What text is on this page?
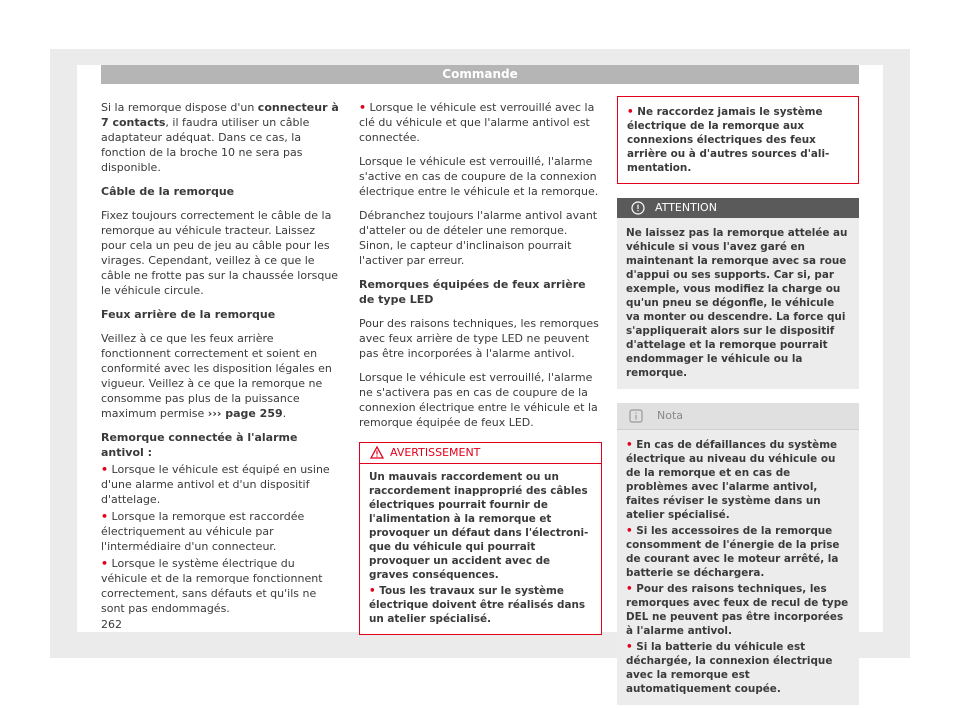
Commande

Si la remorque dispose d'un connecteur à 7 contacts, il faudra utiliser un câble adaptateur adéquat. Dans ce cas, la fonction de la broche 10 ne sera pas disponible.

Câble de la remorque

Fixez toujours correctement le câble de la remorque au véhicule tracteur. Laissez pour cela un peu de jeu au câble pour les virages. Cependant, veillez à ce que le câble ne frotte pas sur la chaussée lorsque le véhicule circule.

Feux arrière de la remorque

Veillez à ce que les feux arrière fonctionnent correctement et soient en conformité avec les disposition légales en vigueur. Veillez à ce que la remorque ne consomme pas plus de la puissance maximum permise ››› page 259.

Remorque connectée à l'alarme antivol :

• Lorsque le véhicule est équipé en usine d'une alarme antivol et d'un dispositif d'attelage.

• Lorsque la remorque est raccordée électriquement au véhicule par l'intermédiaire d'un connecteur.

• Lorsque le système électrique du véhicule et de la remorque fonctionnent correctement, sans défauts et qu'ils ne sont pas endommagés.

• Lorsque le véhicule est verrouillé avec la clé du véhicule et que l'alarme antivol est connectée.

Lorsque le véhicule est verrouillé, l'alarme s'active en cas de coupure de la connexion électrique entre le véhicule et la remorque.

Débranchez toujours l'alarme antivol avant d'atteler ou de dételer une remorque. Sinon, le capteur d'inclinaison pourrait l'activer par erreur.

Remorques équipées de feux arrière de type LED

Pour des raisons techniques, les remorques avec feux arrière de type LED ne peuvent pas être incorporées à l'alarme antivol.

Lorsque le véhicule est verrouillé, l'alarme ne s'activera pas en cas de coupure de la connexion électrique entre le véhicule et la remorque équipée de feux LED.

AVERTISSEMENT
Un mauvais raccordement ou un raccordement inapproprié des câbles électriques pourrait fournir de l'alimentation à la remorque et provoquer un défaut dans l'électronique du véhicule qui pourrait provoquer un accident avec de graves conséquences.
• Tous les travaux sur le système électrique doivent être réalisés dans un atelier spécialisé.
• Ne raccordez jamais le système électrique de la remorque aux connexions électriques des feux arrière ou à d'autres sources d'alimentation.
ATTENTION
Ne laissez pas la remorque attelée au véhicule si vous l'avez garé en maintenant la remorque avec sa roue d'appui ou ses supports. Car si, par exemple, vous modifiez la charge ou qu'un pneu se dégonfle, le véhicule va monter ou descendre. La force qui s'appliquerait alors sur le dispositif d'attelage et la remorque pourrait endommager le véhicule ou la remorque.
Nota
• En cas de défaillances du système électrique au niveau du véhicule ou de la remorque et en cas de problèmes avec l'alarme antivol, faites réviser le système dans un atelier spécialisé.
• Si les accessoires de la remorque consomment de l'énergie de la prise de courant avec le moteur arrêté, la batterie se déchargera.
• Pour des raisons techniques, les remorques avec feux de recul de type DEL ne peuvent pas être incorporées à l'alarme antivol.
• Si la batterie du véhicule est déchargée, la connexion électrique avec la remorque est automatiquement coupée.
262
